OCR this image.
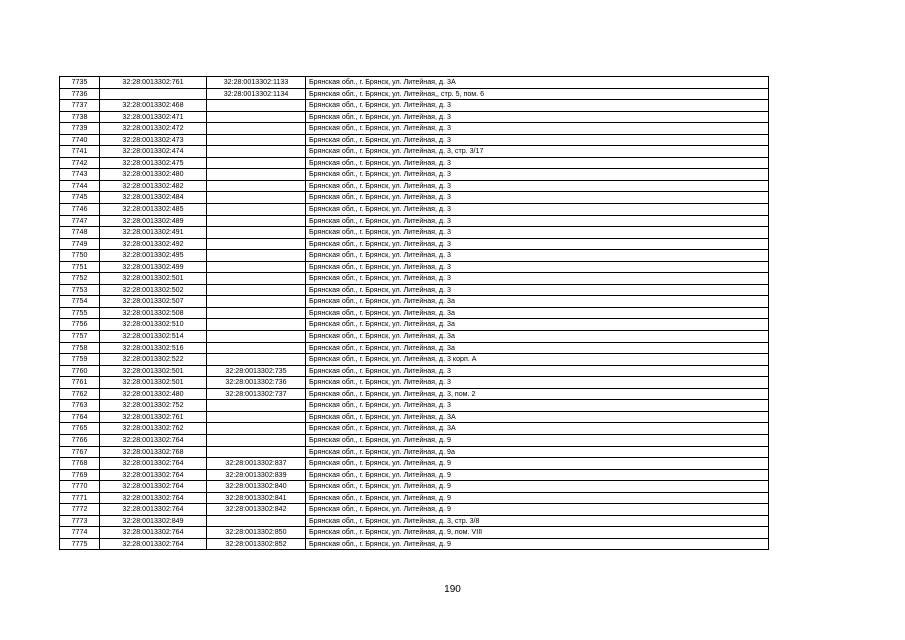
7735	32:28:0013302:761	32:28:0013302:1133	Брянская обл., г. Брянск, ул. Литейная, д. 3А
7736		32:28:0013302:1134	Брянская обл., г. Брянск, ул. Литейная,, стр. 5, пом. 6
7737	32:28:0013302:468		Брянская обл., г. Брянск, ул. Литейная, д. 3
7738	32:28:0013302:471		Брянская обл., г. Брянск, ул. Литейная, д. 3
7739	32:28:0013302:472		Брянская обл., г. Брянск, ул. Литейная, д. 3
7740	32:28:0013302:473		Брянская обл., г. Брянск, ул. Литейная, д. 3
7741	32:28:0013302:474		Брянская обл., г. Брянск, ул. Литейная, д. 3, стр. 3/17
7742	32:28:0013302:475		Брянская обл., г. Брянск, ул. Литейная, д. 3
7743	32:28:0013302:480		Брянская обл., г. Брянск, ул. Литейная, д. 3
7744	32:28:0013302:482		Брянская обл., г. Брянск, ул. Литейная, д. 3
7745	32:28:0013302:484		Брянская обл., г. Брянск, ул. Литейная, д. 3
7746	32:28:0013302:485		Брянская обл., г. Брянск, ул. Литейная, д. 3
7747	32:28:0013302:489		Брянская обл., г. Брянск, ул. Литейная, д. 3
7748	32:28:0013302:491		Брянская обл., г. Брянск, ул. Литейная, д. 3
7749	32:28:0013302:492		Брянская обл., г. Брянск, ул. Литейная, д. 3
7750	32:28:0013302:495		Брянская обл., г. Брянск, ул. Литейная, д. 3
7751	32:28:0013302:499		Брянская обл., г. Брянск, ул. Литейная, д. 3
7752	32:28:0013302:501		Брянская обл., г. Брянск, ул. Литейная, д. 3
7753	32:28:0013302:502		Брянская обл., г. Брянск, ул. Литейная, д. 3
7754	32:28:0013302:507		Брянская обл., г. Брянск, ул. Литейная, д. 3а
7755	32:28:0013302:508		Брянская обл., г. Брянск, ул. Литейная, д. 3а
7756	32:28:0013302:510		Брянская обл., г. Брянск, ул. Литейная, д. 3а
7757	32:28:0013302:514		Брянская обл., г. Брянск, ул. Литейная, д. 3а
7758	32:28:0013302:516		Брянская обл., г. Брянск, ул. Литейная, д. 3а
7759	32:28:0013302:522		Брянская обл., г. Брянск, ул. Литейная, д. 3 корп. А
7760	32:28:0013302:501	32:28:0013302:735	Брянская обл., г. Брянск, ул. Литейная, д. 3
7761	32:28:0013302:501	32:28:0013302:736	Брянская обл., г. Брянск, ул. Литейная, д. 3
7762	32:28:0013302:480	32:28:0013302:737	Брянская обл., г. Брянск, ул. Литейная, д. 3, пом. 2
7763	32:28:0013302:752		Брянская обл., г. Брянск, ул. Литейная, д. 3
7764	32:28:0013302:761		Брянская обл., г. Брянск, ул. Литейная, д. 3А
7765	32:28:0013302:762		Брянская обл., г. Брянск, ул. Литейная, д. 3А
7766	32:28:0013302:764		Брянская обл., г. Брянск, ул. Литейная, д. 9
7767	32:28:0013302:768		Брянская обл., г. Брянск, ул. Литейная, д. 9а
7768	32:28:0013302:764	32:28:0013302:837	Брянская обл., г. Брянск, ул. Литейная, д. 9
7769	32:28:0013302:764	32:28:0013302:839	Брянская обл., г. Брянск, ул. Литейная, д. 9
7770	32:28:0013302:764	32:28:0013302:840	Брянская обл., г. Брянск, ул. Литейная, д. 9
7771	32:28:0013302:764	32:28:0013302:841	Брянская обл., г. Брянск, ул. Литейная, д. 9
7772	32:28:0013302:764	32:28:0013302:842	Брянская обл., г. Брянск, ул. Литейная, д. 9
7773	32:28:0013302:849		Брянская обл., г. Брянск, ул. Литейная, д. 3, стр. 3/8
7774	32:28:0013302:764	32:28:0013302:850	Брянская обл., г. Брянск, ул. Литейная, д. 9, пом. VIII
7775	32:28:0013302:764	32:28:0013302:852	Брянская обл., г. Брянск, ул. Литейная, д. 9
190
